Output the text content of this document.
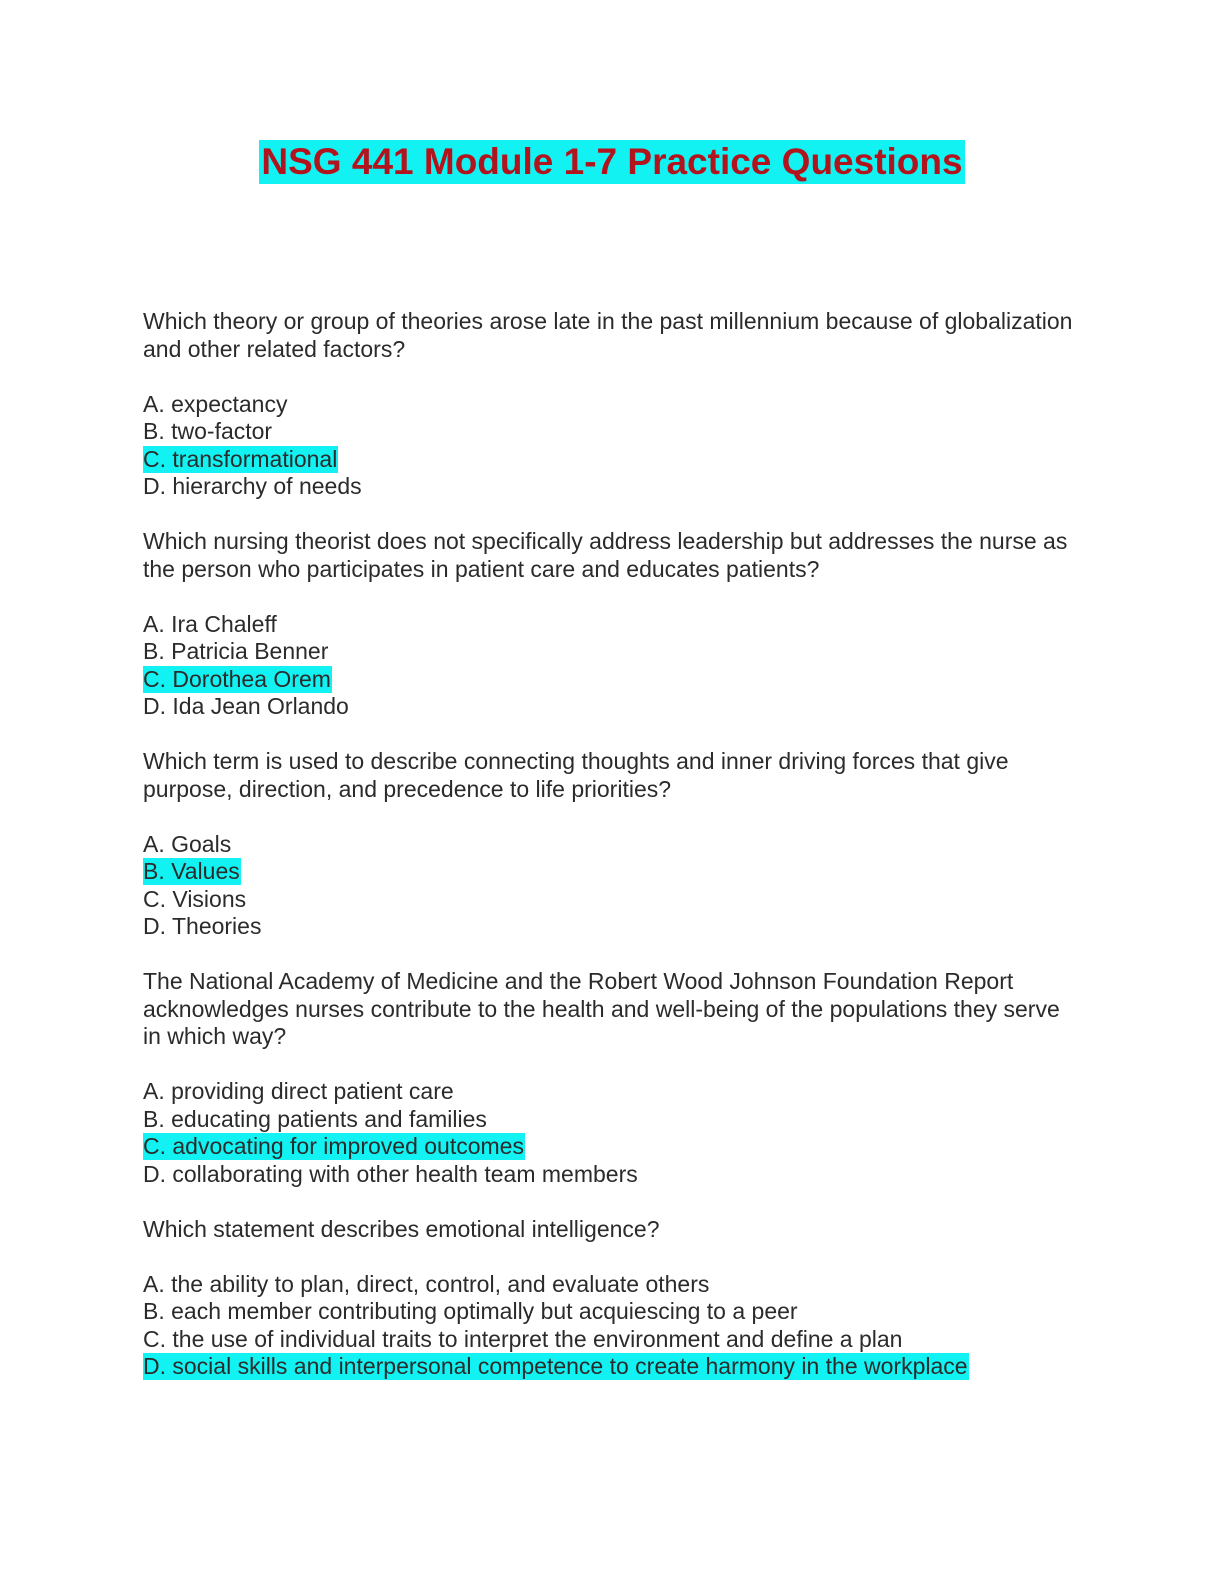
NSG 441 Module 1-7 Practice Questions

Which theory or group of theories arose late in the past millennium because of globalization and other related factors?

A. expectancy
B. two-factor
C. transformational
D. hierarchy of needs

Which nursing theorist does not specifically address leadership but addresses the nurse as the person who participates in patient care and educates patients?

A. Ira Chaleff
B. Patricia Benner
C. Dorothea Orem
D. Ida Jean Orlando

Which term is used to describe connecting thoughts and inner driving forces that give purpose, direction, and precedence to life priorities?

A. Goals
B. Values
C. Visions
D. Theories

The National Academy of Medicine and the Robert Wood Johnson Foundation Report acknowledges nurses contribute to the health and well-being of the populations they serve in which way?

A. providing direct patient care
B. educating patients and families
C. advocating for improved outcomes
D. collaborating with other health team members

Which statement describes emotional intelligence?

A. the ability to plan, direct, control, and evaluate others
B. each member contributing optimally but acquiescing to a peer
C. the use of individual traits to interpret the environment and define a plan
D. social skills and interpersonal competence to create harmony in the workplace
